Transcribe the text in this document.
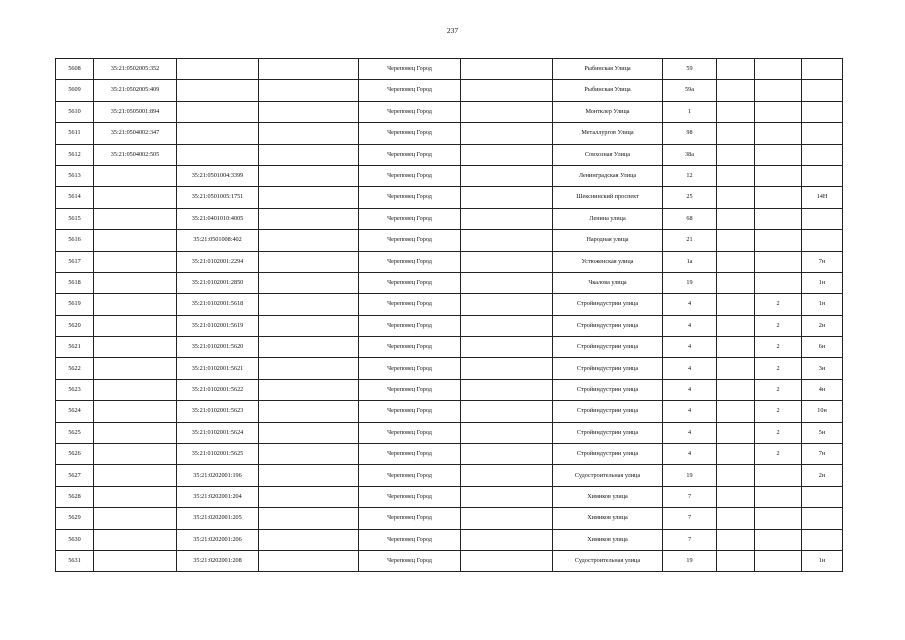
237
5608	35:21:0502005:352			Череповец Город		Рыбинская Улица	59			
5609	35:21:0502005:409			Череповец Город		Рыбинская Улица	59а			
5610	35:21:0505001:894			Череповец Город		Монтклер Улица	1			
5611	35:21:0504002:347			Череповец Город		Металлургов Улица	98			
5612	35:21:0504002:505			Череповец Город		Совхозная Улица	38а			
5613		35:21:0501004:3399		Череповец Город		Ленинградская Улица	12			
5614		35:21:0501005:1751		Череповец Город		Шекснинский проспект	25			14Н
5615		35:21:0401010:4005		Череповец Город		Ленина улица	68			
5616		35:21:0501008:402		Череповец Город		Народная улица	21			
5617		35:21:0102001:2294		Череповец Город		Устюженская улица	1а			7н
5618		35:21:0102001:2850		Череповец Город		Чкалова улица	19			1н
5619		35:21:0102001:5618		Череповец Город		Стройиндустрии улица	4		2	1н
5620		35:21:0102001:5619		Череповец Город		Стройиндустрии улица	4		2	2н
5621		35:21:0102001:5620		Череповец Город		Стройиндустрии улица	4		2	6н
5622		35:21:0102001:5621		Череповец Город		Стройиндустрии улица	4		2	3н
5623		35:21:0102001:5622		Череповец Город		Стройиндустрии улица	4		2	4н
5624		35:21:0102001:5623		Череповец Город		Стройиндустрии улица	4		2	10н
5625		35:21:0102001:5624		Череповец Город		Стройиндустрии улица	4		2	5н
5626		35:21:0102001:5625		Череповец Город		Стройиндустрии улица	4		2	7н
5627		35:21:0202001:196		Череповец Город		Судостроительная улица	19			2н
5628		35:21:0202001:204		Череповец Город		Химиков улица	7			
5629		35:21:0202001:205		Череповец Город		Химиков улица	7			
5630		35:21:0202001:206		Череповец Город		Химиков улица	7			
5631		35:21:0202001:208		Череповец Город		Судостроительная улица	19			1н
